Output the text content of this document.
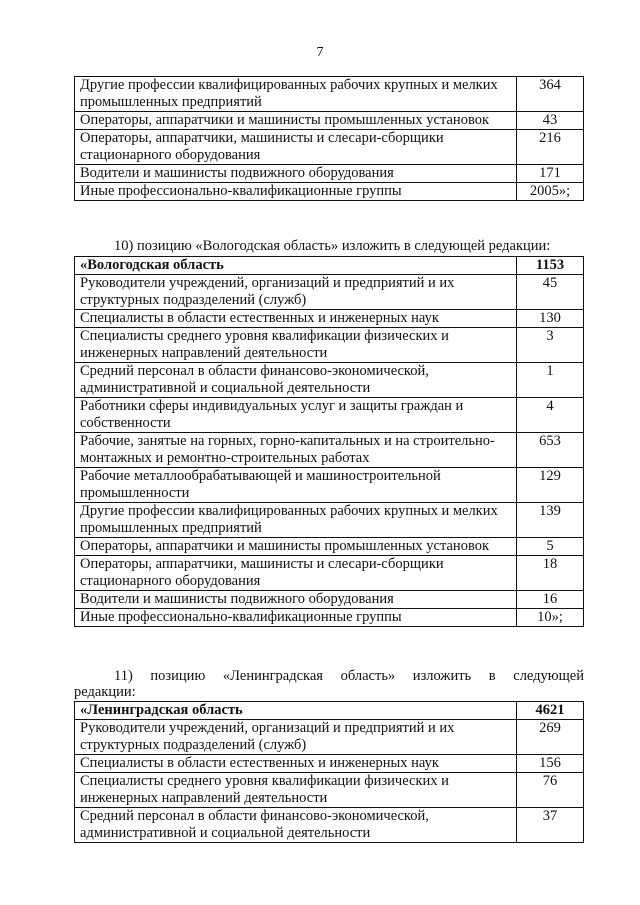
7
Другие профессии квалифицированных рабочих крупных и мелких промышленных предприятий	364
Операторы, аппаратчики и машинисты промышленных установок	43
Операторы, аппаратчики, машинисты и слесари-сборщики стационарного оборудования	216
Водители и машинисты подвижного оборудования	171
Иные профессионально-квалификационные группы	2005»;
10) позицию «Вологодская область» изложить в следующей редакции:
«Вологодская область	1153
Руководители учреждений, организаций и предприятий и их структурных подразделений (служб)	45
Специалисты в области естественных и инженерных наук	130
Специалисты среднего уровня квалификации физических и инженерных направлений деятельности	3
Средний персонал в области финансово-экономической, административной и социальной деятельности	1
Работники сферы индивидуальных услуг и защиты граждан и собственности	4
Рабочие, занятые на горных, горно-капитальных и на строительно-монтажных и ремонтно-строительных работах	653
Рабочие металлообрабатывающей и машиностроительной промышленности	129
Другие профессии квалифицированных рабочих крупных и мелких промышленных предприятий	139
Операторы, аппаратчики и машинисты промышленных установок	5
Операторы, аппаратчики, машинисты и слесари-сборщики стационарного оборудования	18
Водители и машинисты подвижного оборудования	16
Иные профессионально-квалификационные группы	10»;
11) позицию «Ленинградская область» изложить в следующей
редакции:
«Ленинградская область	4621
Руководители учреждений, организаций и предприятий и их структурных подразделений (служб)	269
Специалисты в области естественных и инженерных наук	156
Специалисты среднего уровня квалификации физических и инженерных направлений деятельности	76
Средний персонал в области финансово-экономической, административной и социальной деятельности	37
